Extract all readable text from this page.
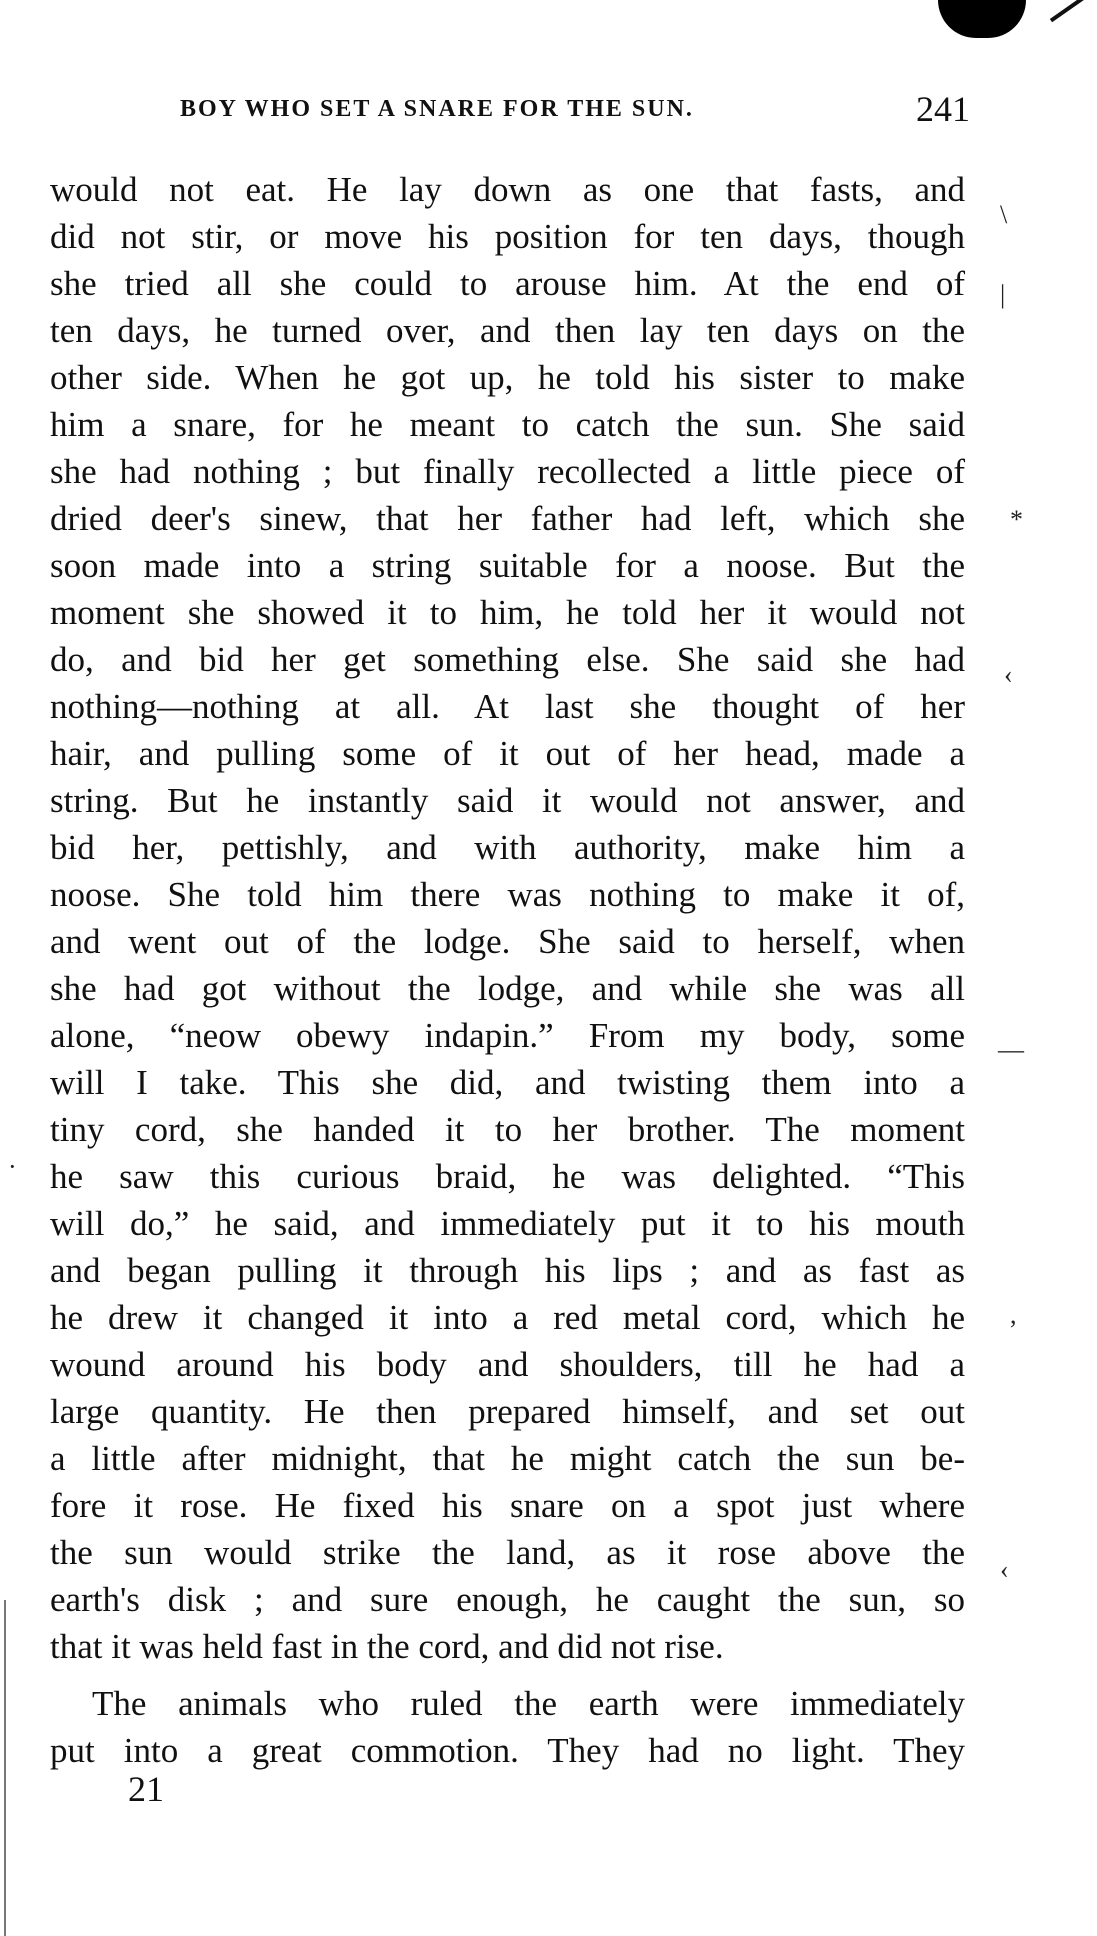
BOY WHO SET A SNARE FOR THE SUN.	241
would not eat. He lay down as one that fasts, and
did not stir, or move his position for ten days, though
she tried all she could to arouse him. At the end of
ten days, he turned over, and then lay ten days on the
other side. When he got up, he told his sister to make
him a snare, for he meant to catch the sun. She said
she had nothing ; but finally recollected a little piece of
dried deer's sinew, that her father had left, which she
soon made into a string suitable for a noose. But the
moment she showed it to him, he told her it would not
do, and bid her get something else. She said she had
nothing—nothing at all. At last she thought of her
hair, and pulling some of it out of her head, made a
string. But he instantly said it would not answer, and
bid her, pettishly, and with authority, make him a
noose. She told him there was nothing to make it of,
and went out of the lodge. She said to herself, when
she had got without the lodge, and while she was all
alone, “neow obewy indapin.” From my body, some
will I take. This she did, and twisting them into a
tiny cord, she handed it to her brother. The moment
he saw this curious braid, he was delighted. “This
will do,” he said, and immediately put it to his mouth
and began pulling it through his lips ; and as fast as
he drew it changed it into a red metal cord, which he
wound around his body and shoulders, till he had a
large quantity. He then prepared himself, and set out
a little after midnight, that he might catch the sun be-
fore it rose. He fixed his snare on a spot just where
the sun would strike the land, as it rose above the
earth's disk ; and sure enough, he caught the sun, so
that it was held fast in the cord, and did not rise.
The animals who ruled the earth were immediately
put into a great commotion. They had no light. They
21
\
|
*
‹
––
,
‹
·
